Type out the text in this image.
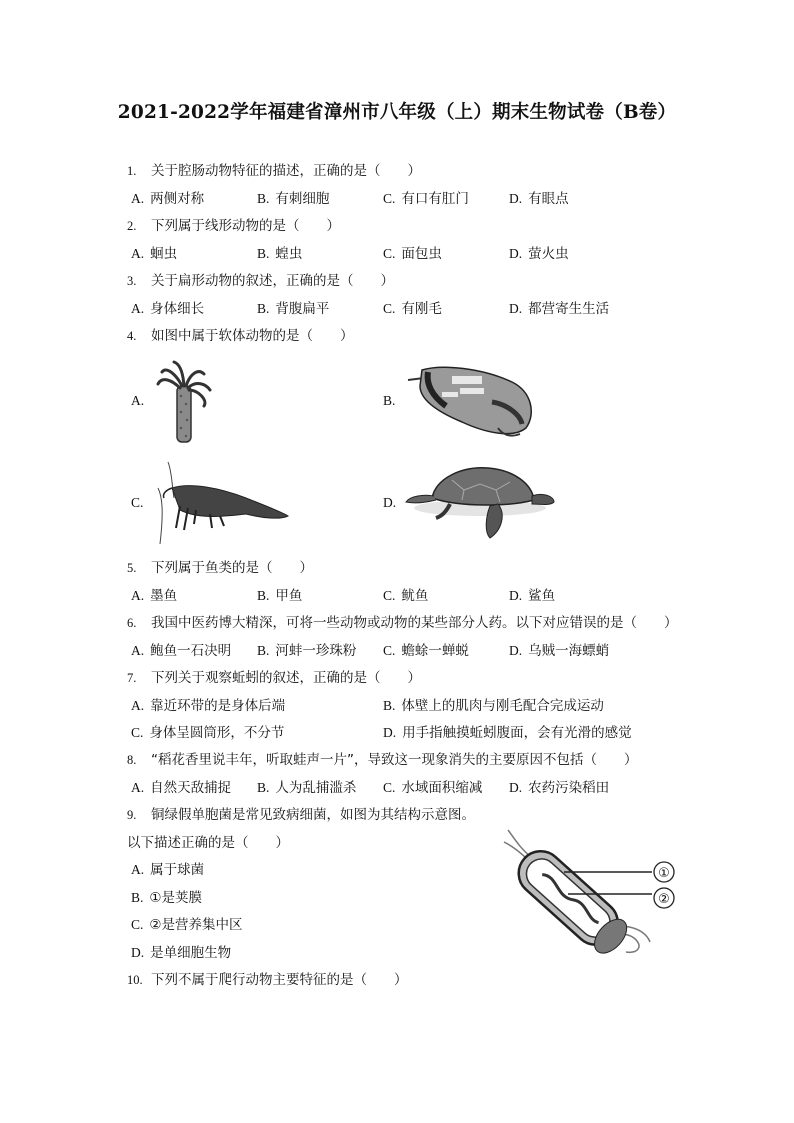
2021-2022学年福建省漳州市八年级（上）期末生物试卷（B卷）
1. 关于腔肠动物特征的描述，正确的是（　　）
A. 两侧对称	B. 有刺细胞	C. 有口有肛门	D. 有眼点
2. 下列属于线形动物的是（　　）
A. 蛔虫	B. 蝗虫	C. 面包虫	D. 萤火虫
3. 关于扁形动物的叙述，正确的是（　　）
A. 身体细长	B. 背腹扁平	C. 有刚毛	D. 都营寄生生活
4. 如图中属于软体动物的是（　　）
A.	B.
C.	D.
5. 下列属于鱼类的是（　　）
A. 墨鱼	B. 甲鱼	C. 鱿鱼	D. 鲨鱼
6. 我国中医药博大精深，可将一些动物或动物的某些部分人药。以下对应错误的是（　　）
A. 鲍鱼一石决明 B. 河蚌一珍珠粉 C. 蟾蜍一蝉蜕	D. 乌贼一海螵蛸
7. 下列关于观察蚯蚓的叙述，正确的是（　　）
A. 靠近环带的是身体后端	B. 体壁上的肌肉与刚毛配合完成运动
C. 身体呈圆筒形，不分节	D. 用手指触摸蚯蚓腹面，会有光滑的感觉
8. “稻花香里说丰年，听取蛙声一片”，导致这一现象消失的主要原因不包括（　　）
A. 自然天敌捕捉 B. 人为乱捕滥杀 C. 水域面积缩减 D. 农药污染稻田
9. 铜绿假单胞菌是常见致病细菌，如图为其结构示意图。
以下描述正确的是（　　）
A. 属于球菌
B. ①是荚膜
C. ②是营养集中区
D. 是单细胞生物
①
②
10. 下列不属于爬行动物主要特征的是（　　）
